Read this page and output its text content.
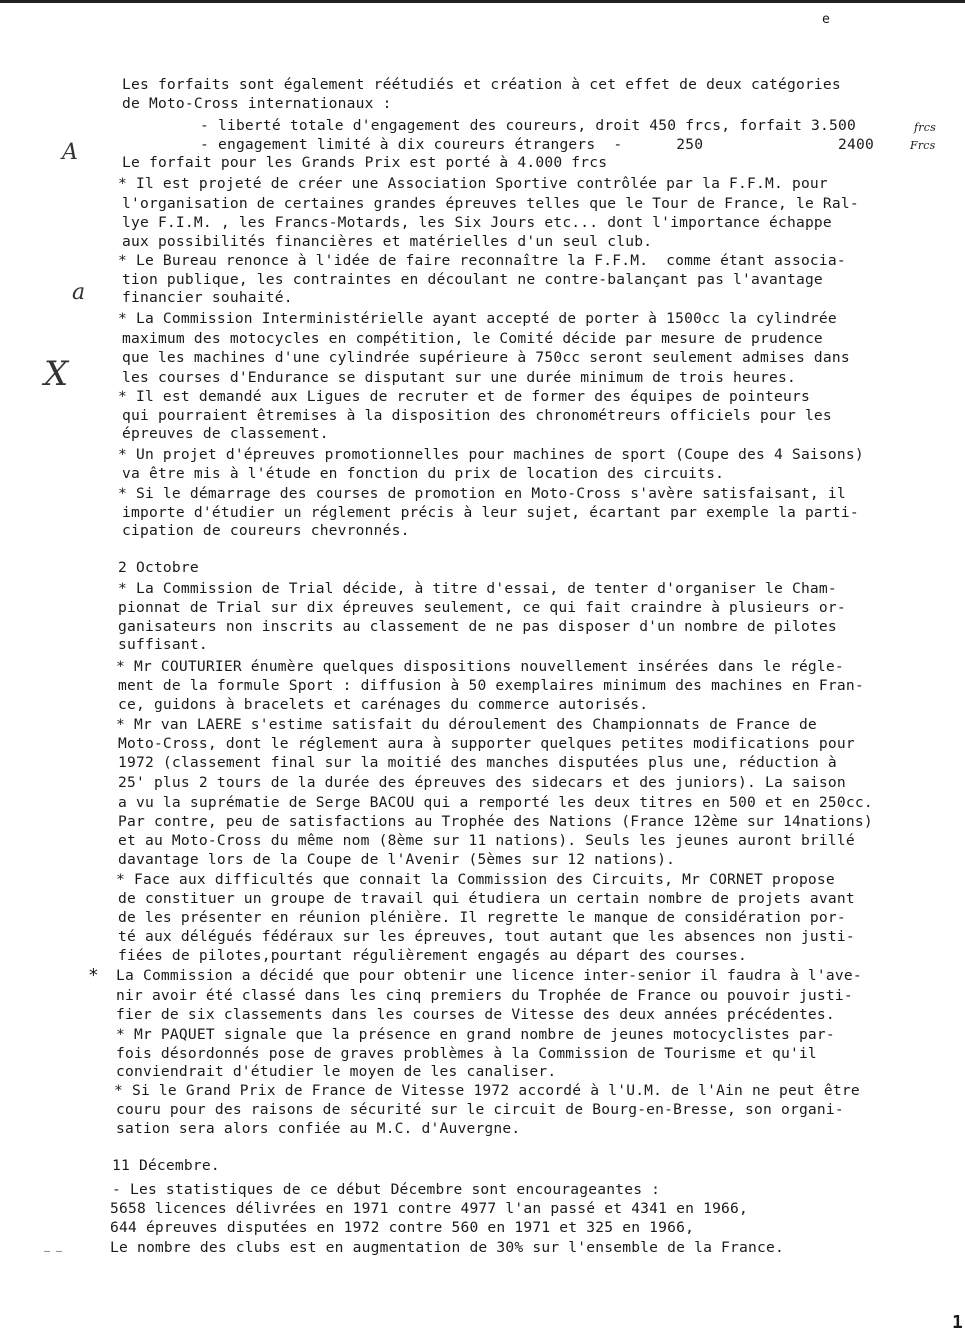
e
A
a
X
Les forfaits sont également réétudiés et création à cet effet de deux catégories
de Moto-Cross internationaux :
- liberté totale d'engagement des coureurs, droit 450 frcs, forfait 3.500	frcs
- engagement limité à dix coureurs étrangers  -      250               2400	Frcs
Le forfait pour les Grands Prix est porté à 4.000 frcs
* Il est projeté de créer une Association Sportive contrôlée par la F.F.M. pour
l'organisation de certaines grandes épreuves telles que le Tour de France, le Ral-
lye F.I.M. , les Francs-Motards, les Six Jours etc... dont l'importance échappe
aux possibilités financières et matérielles d'un seul club.
* Le Bureau renonce à l'idée de faire reconnaître la F.F.M.  comme étant associa-
tion publique, les contraintes en découlant ne contre-balançant pas l'avantage
financier souhaité.
* La Commission Interministérielle ayant accepté de porter à 1500cc la cylindrée
maximum des motocycles en compétition, le Comité décide par mesure de prudence
que les machines d'une cylindrée supérieure à 750cc seront seulement admises dans
les courses d'Endurance se disputant sur une durée minimum de trois heures.
* Il est demandé aux Ligues de recruter et de former des équipes de pointeurs
qui pourraient êtremises à la disposition des chronométreurs officiels pour les
épreuves de classement.
* Un projet d'épreuves promotionnelles pour machines de sport (Coupe des 4 Saisons)
va être mis à l'étude en fonction du prix de location des circuits.
* Si le démarrage des courses de promotion en Moto-Cross s'avère satisfaisant, il
importe d'étudier un réglement précis à leur sujet, écartant par exemple la parti-
cipation de coureurs chevronnés.
2 Octobre
* La Commission de Trial décide, à titre d'essai, de tenter d'organiser le Cham-
pionnat de Trial sur dix épreuves seulement, ce qui fait craindre à plusieurs or-
ganisateurs non inscrits au classement de ne pas disposer d'un nombre de pilotes
suffisant.
* Mr COUTURIER énumère quelques dispositions nouvellement insérées dans le régle-
ment de la formule Sport : diffusion à 50 exemplaires minimum des machines en Fran-
ce, guidons à bracelets et carénages du commerce autorisés.
* Mr van LAERE s'estime satisfait du déroulement des Championnats de France de
Moto-Cross, dont le réglement aura à supporter quelques petites modifications pour
1972 (classement final sur la moitié des manches disputées plus une, réduction à
25' plus 2 tours de la durée des épreuves des sidecars et des juniors). La saison
a vu la suprématie de Serge BACOU qui a remporté les deux titres en 500 et en 250cc.
Par contre, peu de satisfactions au Trophée des Nations (France 12ème sur 14nations)
et au Moto-Cross du même nom (8ème sur 11 nations). Seuls les jeunes auront brillé
davantage lors de la Coupe de l'Avenir (5èmes sur 12 nations).
* Face aux difficultés que connait la Commission des Circuits, Mr CORNET propose
de constituer un groupe de travail qui étudiera un certain nombre de projets avant
de les présenter en réunion plénière. Il regrette le manque de considération por-
té aux délégués fédéraux sur les épreuves, tout autant que les absences non justi-
fiées de pilotes,pourtant régulièrement engagés au départ des courses.
* La Commission a décidé que pour obtenir une licence inter-senior il faudra à l'ave-
nir avoir été classé dans les cinq premiers du Trophée de France ou pouvoir justi-
fier de six classements dans les courses de Vitesse des deux années précédentes.
* Mr PAQUET signale que la présence en grand nombre de jeunes motocyclistes par-
fois désordonnés pose de graves problèmes à la Commission de Tourisme et qu'il
conviendrait d'étudier le moyen de les canaliser.
* Si le Grand Prix de France de Vitesse 1972 accordé à l'U.M. de l'Ain ne peut être
couru pour des raisons de sécurité sur le circuit de Bourg-en-Bresse, son organi-
sation sera alors confiée au M.C. d'Auvergne.
11 Décembre.
- Les statistiques de ce début Décembre sont encourageantes :
5658 licences délivrées en 1971 contre 4977 l'an passé et 4341 en 1966,
644 épreuves disputées en 1972 contre 560 en 1971 et 325 en 1966,
Le nombre des clubs est en augmentation de 30% sur l'ensemble de la France.
— —
1
